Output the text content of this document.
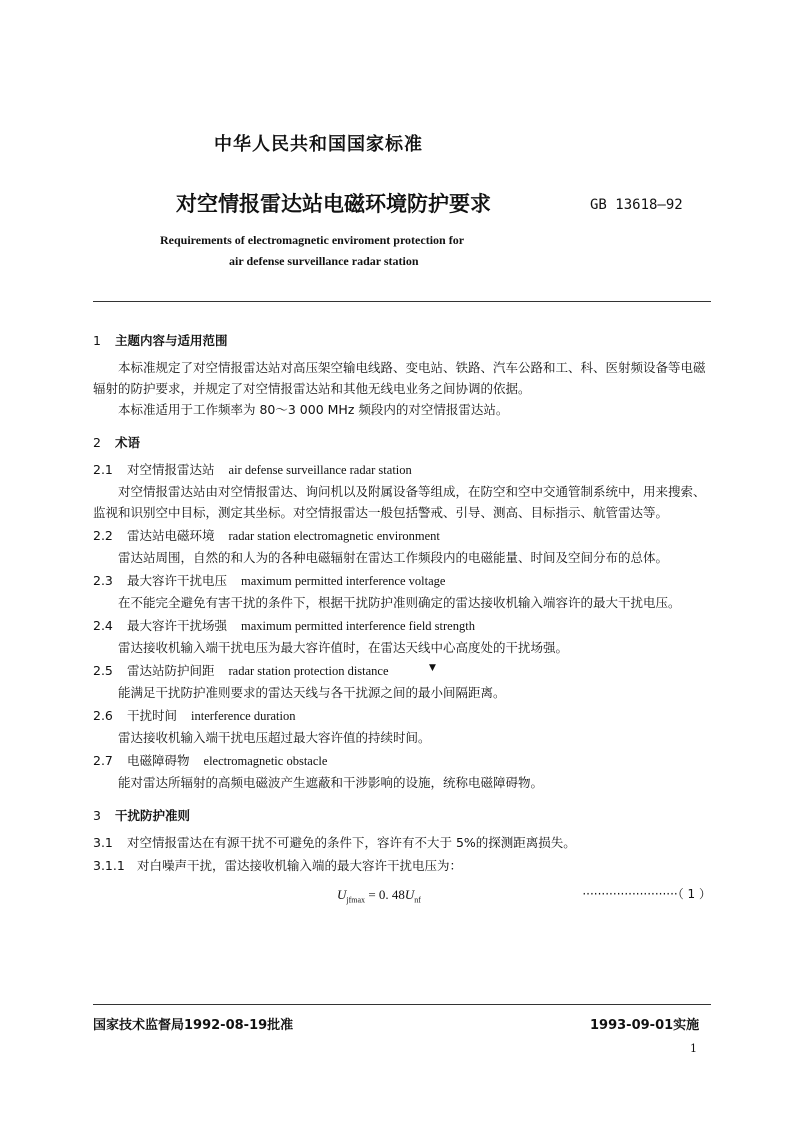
中华人民共和国国家标准
对空情报雷达站电磁环境防护要求	GB 13618—92
Requirements of electromagnetic enviroment protection for
air defense surveillance radar station
1 主题内容与适用范围

本标准规定了对空情报雷达站对高压架空输电线路、变电站、铁路、汽车公路和工、科、医射频设备等电磁辐射的防护要求，并规定了对空情报雷达站和其他无线电业务之间协调的依据。

本标准适用于工作频率为 80～3 000 MHz 频段内的对空情报雷达站。

2 术语
2.1 对空情报雷达站 air defense surveillance radar station

对空情报雷达站由对空情报雷达、询问机以及附属设备等组成，在防空和空中交通管制系统中，用来搜索、监视和识别空中目标，测定其坐标。对空情报雷达一般包括警戒、引导、测高、目标指示、航管雷达等。

2.2 雷达站电磁环境 radar station electromagnetic environment

雷达站周围，自然的和人为的各种电磁辐射在雷达工作频段内的电磁能量、时间及空间分布的总体。

2.3 最大容许干扰电压 maximum permitted interference voltage

在不能完全避免有害干扰的条件下，根据干扰防护准则确定的雷达接收机输入端容许的最大干扰电压。

2.4 最大容许干扰场强 maximum permitted interference field strength

雷达接收机输入端干扰电压为最大容许值时，在雷达天线中心高度处的干扰场强。

2.5 雷达站防护间距 radar station protection distance

能满足干扰防护准则要求的雷达天线与各干扰源之间的最小间隔距离。

2.6 干扰时间 interference duration

雷达接收机输入端干扰电压超过最大容许值的持续时间。

2.7 电磁障碍物 electromagnetic obstacle

能对雷达所辐射的高频电磁波产生遮蔽和干涉影响的设施，统称电磁障碍物。

3 干扰防护准则
3.1 对空情报雷达在有源干扰不可避免的条件下，容许有不大于 5%的探测距离损失。
3.1.1 对白噪声干扰，雷达接收机输入端的最大容许干扰电压为：
$U_{jfmax} = 0$. $48U_{nf}$	·························（ 1 ）
▼
国家技术监督局1992-08-19批准	1993-09-01实施
1
